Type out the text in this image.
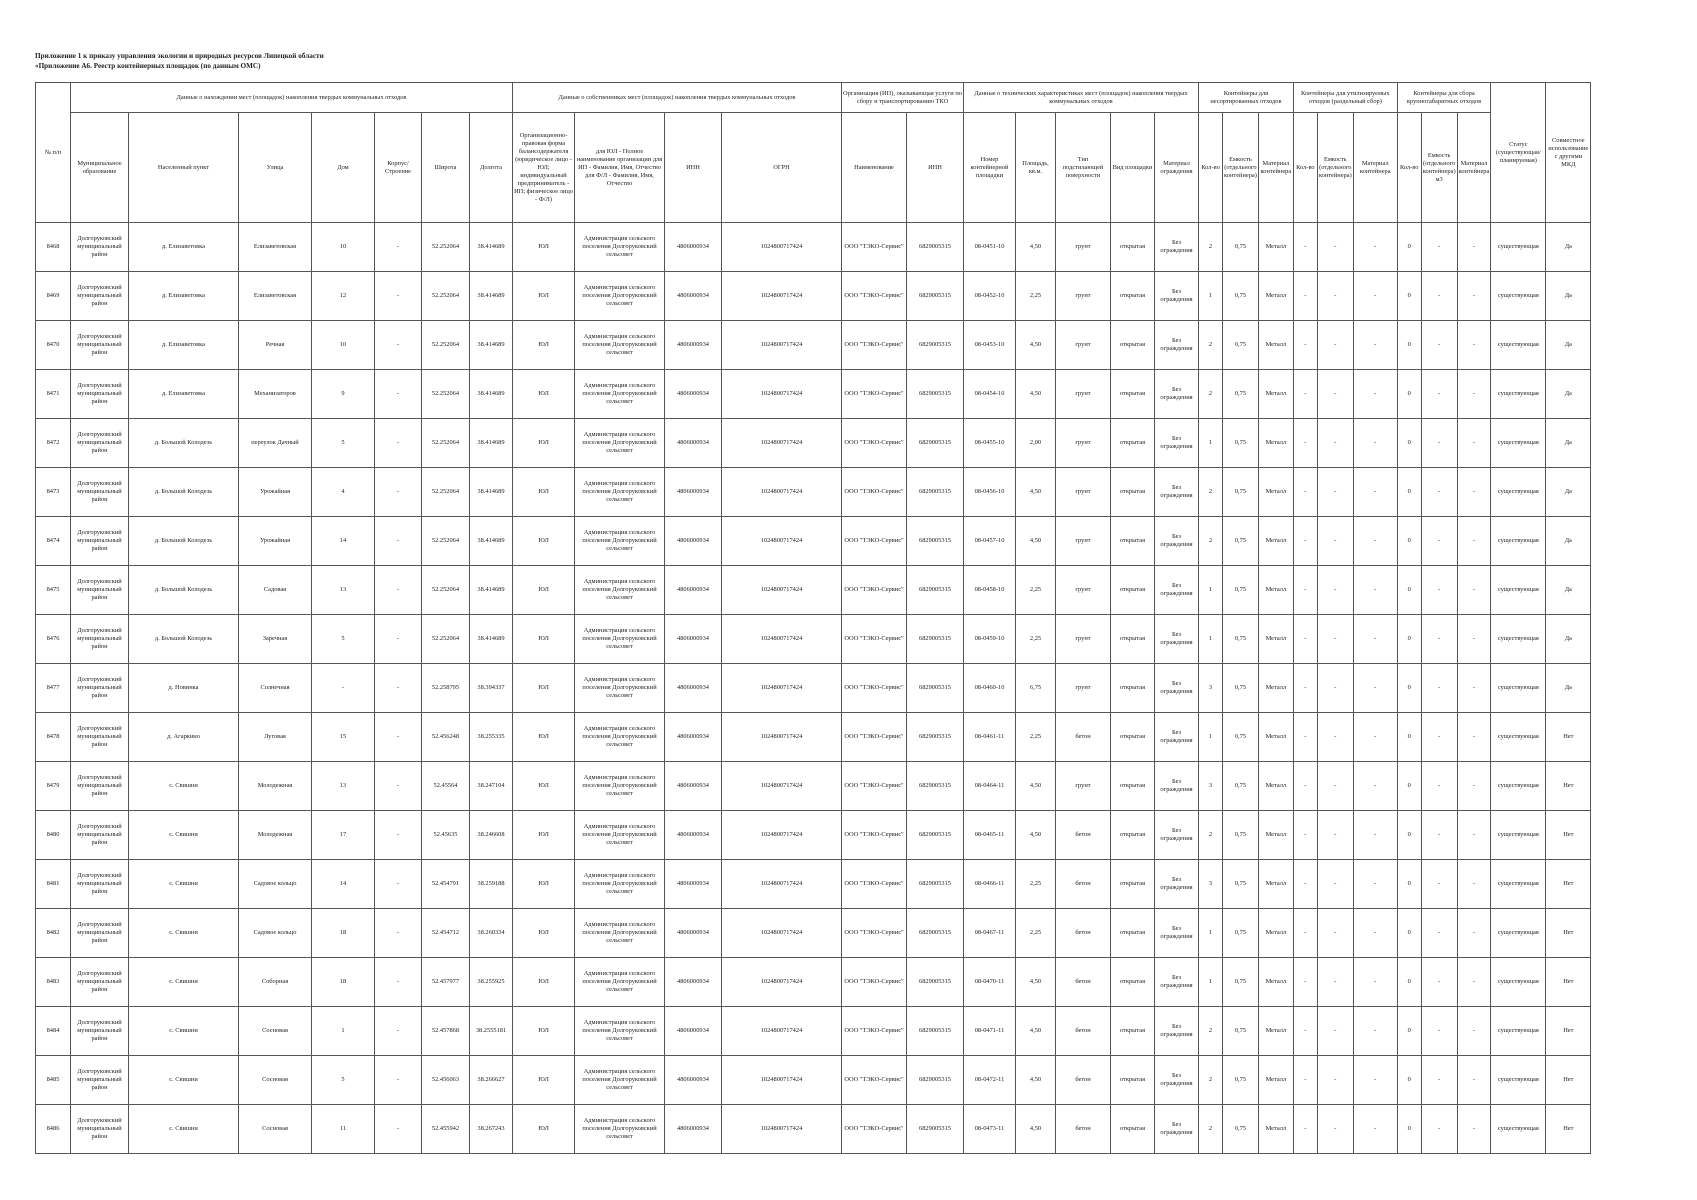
Приложение 1 к приказу управления экологии и природных ресурсов Липецкой области
«Приложение А6. Реестр контейнерных площадок (по данным ОМС)
№ п/п	Данные о нахождении мест (площадок) накопления твердых коммунальных отходов							Данные о собственниках мест (площадок) накопления твердых коммунальных отходов				Организация (ИП), оказывающая услуги по сбору и транспортированию ТКО		Данные о технических характеристиках мест (площадок) накопления твердых коммунальных отходов					Контейнеры для несортированных отходов			Контейнеры для утилизируемых отходов (раздельный сбор)			Контейнеры для сбора крупногабаритных отходов			Статус (существующая/планируемая)	Совместное использование с другими МКД
	Муниципальное образование	Населенный пункт	Улица	Дом	Корпус/Строение	Широта	Долгота	Организационно-правовая форма балансодержателя (юридическое лицо - ЮЛ; индивидуальный предприниматель - ИП; физическое лицо - Ф/Л)	для ЮЛ - Полное наименование организации для ИП - Фамилия, Имя, Отчество для Ф/Л - Фамилия, Имя, Отчество	ИНН	ОГРН	Наименование	ИНН	Номер контейнерной площадки	Площадь, кв.м.	Тип подстилающей поверхности	Вид площадки	Материал ограждения	Кол-во	Емкость (отдельного контейнера)	Материал контейнера	Кол-во	Емкость (отдельного контейнера)	Материал контейнера	Кол-во	Емкость (отдельного контейнера) м3	Материал контейнера		
8468	Долгоруковский муниципальный район	д. Елизаветовка	Елизаветовская	10	-	52.252064	38.414689	ЮЛ	Администрация сельского поселения Долгоруковский сельсовет	4806000934	1024800717424	ООО "ТЭКО-Сервис"	6829005315	08-0451-10	4,50	грунт	открытая	Без ограждения	2	0,75	Металл	-	-	-	0	-	-	существующая	Да
8469	Долгоруковский муниципальный район	д. Елизаветовка	Елизаветовская	12	-	52.252064	38.414689	ЮЛ	Администрация сельского поселения Долгоруковский сельсовет	4806000934	1024800717424	ООО "ТЭКО-Сервис"	6829005315	08-0452-10	2,25	грунт	открытая	Без ограждения	1	0,75	Металл	-	-	-	0	-	-	существующая	Да
8470	Долгоруковский муниципальный район	д. Елизаветовка	Речная	10	-	52.252064	38.414689	ЮЛ	Администрация сельского поселения Долгоруковский сельсовет	4806000934	1024800717424	ООО "ТЭКО-Сервис"	6829005315	08-0453-10	4,50	грунт	открытая	Без ограждения	2	0,75	Металл	-	-	-	0	-	-	существующая	Да
8471	Долгоруковский муниципальный район	д. Елизаветовка	Механизаторов	9	-	52.252064	38.414689	ЮЛ	Администрация сельского поселения Долгоруковский сельсовет	4806000934	1024800717424	ООО "ТЭКО-Сервис"	6829005315	08-0454-10	4,50	грунт	открытая	Без ограждения	2	0,75	Металл	-	-	-	0	-	-	существующая	Да
8472	Долгоруковский муниципальный район	д. Большой Колодезь	переулок Дачный	5	-	52.252064	38.414689	ЮЛ	Администрация сельского поселения Долгоруковский сельсовет	4806000934	1024800717424	ООО "ТЭКО-Сервис"	6829005315	08-0455-10	2,00	грунт	открытая	Без ограждения	1	0,75	Металл	-	-	-	0	-	-	существующая	Да
8473	Долгоруковский муниципальный район	д. Большой Колодезь	Урожайная	4	-	52.252064	38.414689	ЮЛ	Администрация сельского поселения Долгоруковский сельсовет	4806000934	1024800717424	ООО "ТЭКО-Сервис"	6829005315	08-0456-10	4,50	грунт	открытая	Без ограждения	2	0,75	Металл	-	-	-	0	-	-	существующая	Да
8474	Долгоруковский муниципальный район	д. Большой Колодезь	Урожайная	14	-	52.252064	38.414689	ЮЛ	Администрация сельского поселения Долгоруковский сельсовет	4806000934	1024800717424	ООО "ТЭКО-Сервис"	6829005315	08-0457-10	4,50	грунт	открытая	Без ограждения	2	0,75	Металл	-	-	-	0	-	-	существующая	Да
8475	Долгоруковский муниципальный район	д. Большой Колодезь	Садовая	13	-	52.252064	38.414689	ЮЛ	Администрация сельского поселения Долгоруковский сельсовет	4806000934	1024800717424	ООО "ТЭКО-Сервис"	6829005315	08-0458-10	2,25	грунт	открытая	Без ограждения	1	0,75	Металл	-	-	-	0	-	-	существующая	Да
8476	Долгоруковский муниципальный район	д. Большой Колодезь	Заречная	5	-	52.252064	38.414689	ЮЛ	Администрация сельского поселения Долгоруковский сельсовет	4806000934	1024800717424	ООО "ТЭКО-Сервис"	6829005315	08-0459-10	2,25	грунт	открытая	Без ограждения	1	0,75	Металл	-	-	-	0	-	-	существующая	Да
8477	Долгоруковский муниципальный район	д. Новинка	Солнечная	-	-	52.258795	38.394337	ЮЛ	Администрация сельского поселения Долгоруковский сельсовет	4806000934	1024800717424	ООО "ТЭКО-Сервис"	6829005315	08-0460-10	6,75	грунт	открытая	Без ограждения	3	0,75	Металл	-	-	-	0	-	-	существующая	Да
8478	Долгоруковский муниципальный район	д. Агаркино	Луговая	15	-	52.456248	38.255335	ЮЛ	Администрация сельского поселения Долгоруковский сельсовет	4806000934	1024800717424	ООО "ТЭКО-Сервис"	6829005315	08-0461-11	2,25	бетон	открытая	Без ограждения	1	0,75	Металл	-	-	-	0	-	-	существующая	Нет
8479	Долгоруковский муниципальный район	с. Свишни	Молодежная	13	-	52.45564	38.247104	ЮЛ	Администрация сельского поселения Долгоруковский сельсовет	4806000934	1024800717424	ООО "ТЭКО-Сервис"	6829005315	08-0464-11	4,50	грунт	открытая	Без ограждения	3	0,75	Металл	-	-	-	0	-	-	существующая	Нет
8480	Долгоруковский муниципальный район	с. Свишни	Молодежная	17	-	52.45635	38.246608	ЮЛ	Администрация сельского поселения Долгоруковский сельсовет	4806000934	1024800717424	ООО "ТЭКО-Сервис"	6829005315	08-0465-11	4,50	бетон	открытая	Без ограждения	2	0,75	Металл	-	-	-	0	-	-	существующая	Нет
8481	Долгоруковский муниципальный район	с. Свишни	Садовое кольцо	14	-	52.454791	38.259188	ЮЛ	Администрация сельского поселения Долгоруковский сельсовет	4806000934	1024800717424	ООО "ТЭКО-Сервис"	6829005315	08-0466-11	2,25	бетон	открытая	Без ограждения	3	0,75	Металл	-	-	-	0	-	-	существующая	Нет
8482	Долгоруковский муниципальный район	с. Свишни	Садовое кольцо	18	-	52.454712	38.260334	ЮЛ	Администрация сельского поселения Долгоруковский сельсовет	4806000934	1024800717424	ООО "ТЭКО-Сервис"	6829005315	08-0467-11	2,25	бетон	открытая	Без ограждения	1	0,75	Металл	-	-	-	0	-	-	существующая	Нет
8483	Долгоруковский муниципальный район	с. Свишни	Соборная	18	-	52.457977	38.255925	ЮЛ	Администрация сельского поселения Долгоруковский сельсовет	4806000934	1024800717424	ООО "ТЭКО-Сервис"	6829005315	08-0470-11	4,50	бетон	открытая	Без ограждения	1	0,75	Металл	-	-	-	0	-	-	существующая	Нет
8484	Долгоруковский муниципальный район	с. Свишни	Сосновая	1	-	52.457868	38.2555181	ЮЛ	Администрация сельского поселения Долгоруковский сельсовет	4806000934	1024800717424	ООО "ТЭКО-Сервис"	6829005315	08-0471-11	4,50	бетон	открытая	Без ограждения	2	0,75	Металл	-	-	-	0	-	-	существующая	Нет
8485	Долгоруковский муниципальный район	с. Свишни	Сосновая	5	-	52.456063	38.266627	ЮЛ	Администрация сельского поселения Долгоруковский сельсовет	4806000934	1024800717424	ООО "ТЭКО-Сервис"	6829005315	08-0472-11	4,50	бетон	открытая	Без ограждения	2	0,75	Металл	-	-	-	0	-	-	существующая	Нет
8486	Долгоруковский муниципальный район	с. Свишни	Сосновая	11	-	52.455942	38.267243	ЮЛ	Администрация сельского поселения Долгоруковский сельсовет	4806000934	1024800717424	ООО "ТЭКО-Сервис"	6829005315	08-0473-11	4,50	бетон	открытая	Без ограждения	2	0,75	Металл	-	-	-	0	-	-	существующая	Нет
